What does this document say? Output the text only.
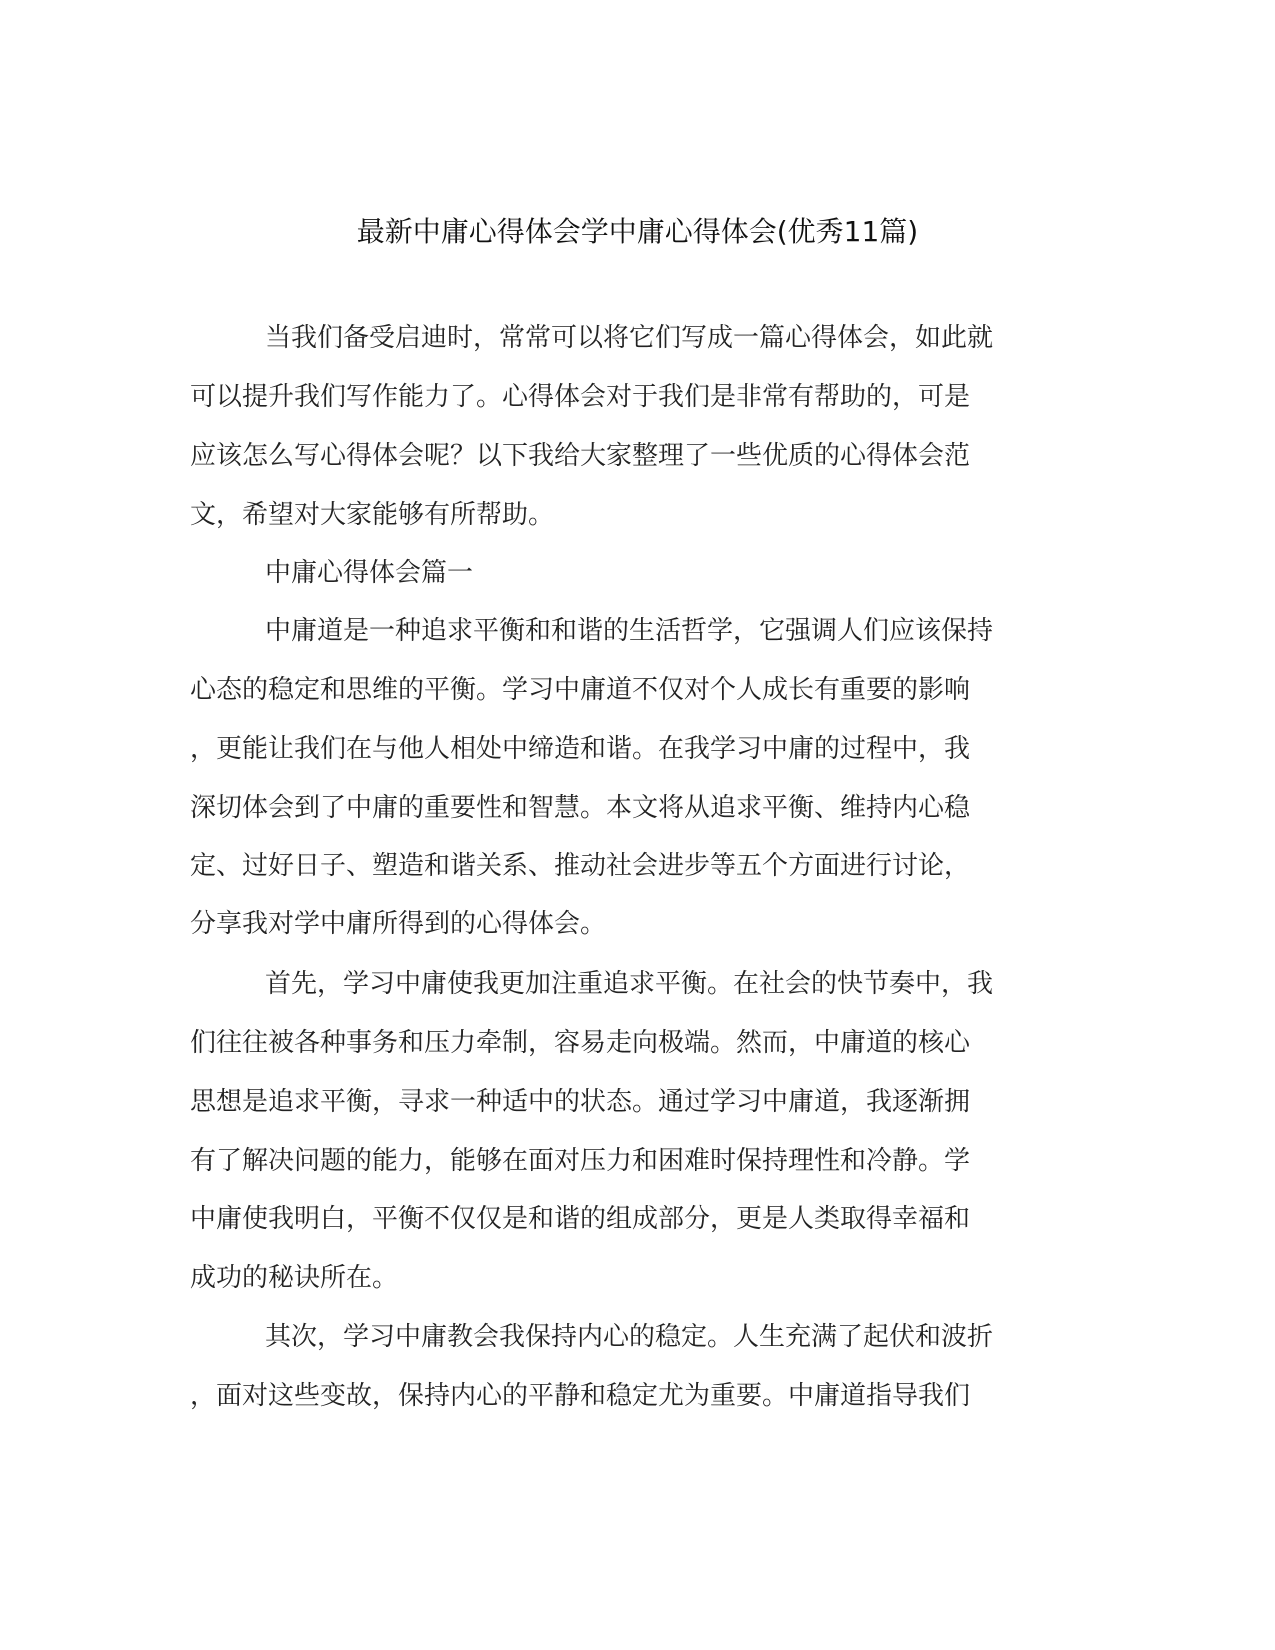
最新中庸心得体会学中庸心得体会(优秀11篇)
当我们备受启迪时，常常可以将它们写成一篇心得体会，如此就
可以提升我们写作能力了。心得体会对于我们是非常有帮助的，可是
应该怎么写心得体会呢？以下我给大家整理了一些优质的心得体会范
文，希望对大家能够有所帮助。
中庸心得体会篇一
中庸道是一种追求平衡和和谐的生活哲学，它强调人们应该保持
心态的稳定和思维的平衡。学习中庸道不仅对个人成长有重要的影响
，更能让我们在与他人相处中缔造和谐。在我学习中庸的过程中，我
深切体会到了中庸的重要性和智慧。本文将从追求平衡、维持内心稳
定、过好日子、塑造和谐关系、推动社会进步等五个方面进行讨论，
分享我对学中庸所得到的心得体会。
首先，学习中庸使我更加注重追求平衡。在社会的快节奏中，我
们往往被各种事务和压力牵制，容易走向极端。然而，中庸道的核心
思想是追求平衡，寻求一种适中的状态。通过学习中庸道，我逐渐拥
有了解决问题的能力，能够在面对压力和困难时保持理性和冷静。学
中庸使我明白，平衡不仅仅是和谐的组成部分，更是人类取得幸福和
成功的秘诀所在。
其次，学习中庸教会我保持内心的稳定。人生充满了起伏和波折
，面对这些变故，保持内心的平静和稳定尤为重要。中庸道指导我们
